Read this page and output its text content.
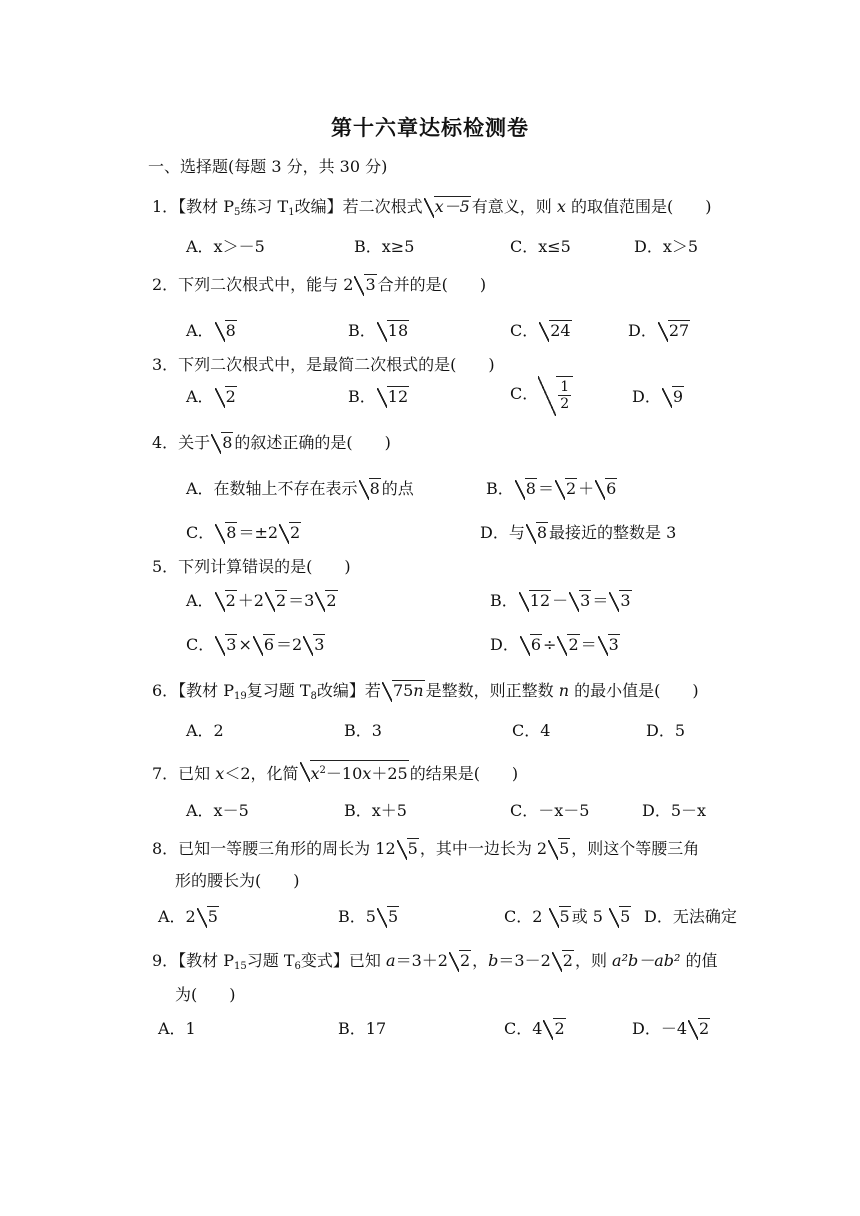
第十六章达标检测卷
一、选择题(每题 3 分，共 30 分)
1．【教材 $P_5$练习 $T_1$改编】若二次根式 x－5 有意义，则 x 的取值范围是(　　)
A．x＞－5	B．x≥5	C．x≤5	D．x＞5
2．下列二次根式中，能与 2 3 合并的是(　　)
A． 8	B． 18	C． 24	D． 27
3．下列二次根式中，是最简二次根式的是(　　)
A． 2	B． 12	C． $\frac{1}{2}$	D． 9
4．关于 8 的叙述正确的是(　　)
A．在数轴上不存在表示 8 的点	B． 8 ＝ 2 ＋ 6
C． 8 ＝±2 2	D．与 8 最接近的整数是 3
5．下列计算错误的是(　　)
A． 2 ＋2 2 ＝3 2	B． 12 － 3 ＝ 3
C． 3 × 6 ＝2 3	D． 6 ÷ 2 ＝ 3
6．【教材 $P_{19}$复习题 $T_8$改编】若 75n 是整数，则正整数 n 的最小值是(　　)
A．2	B．3	C．4	D．5
7．已知 x＜2，化简 $x^2-10x+25$ 的结果是(　　)
A．x－5	B．x＋5	C．－x－5	D．5－x
8．已知一等腰三角形的周长为 12 5 ，其中一边长为 2 5 ，则这个等腰三角
形的腰长为(　　)
A．2 5	B．5 5	C．2 5 或 5 5 D．无法确定
9．【教材 $P_{15}$习题 $T_6$变式】已知 a＝3＋2 2 ，b＝3－2 2 ，则 a²b－ab² 的值
为(　　)
A．1	B．17	C．4 2	D．－4 2
